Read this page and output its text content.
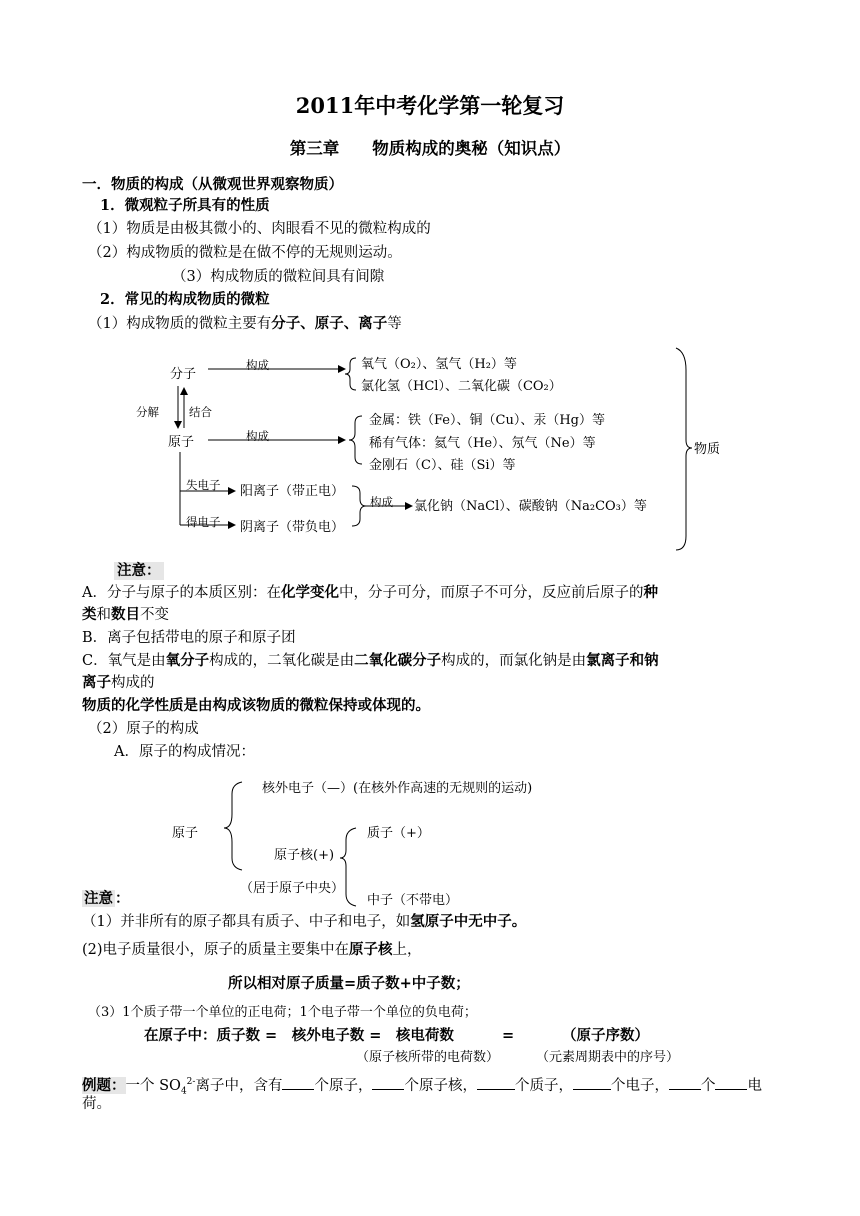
2011年中考化学第一轮复习
第三章　　物质构成的奥秘（知识点）
一．物质的构成（从微观世界观察物质）
1．微观粒子所具有的性质
（1）物质是由极其微小的、肉眼看不见的微粒构成的
（2）构成物质的微粒是在做不停的无规则运动。
（3）构成物质的微粒间具有间隙
2．常见的构成物质的微粒
（1）构成物质的微粒主要有分子、原子、离子等
分子
构成	氧气（O₂）、氢气（H₂）等
氯化氢（HCl）、二氧化碳（CO₂）
分解	结合
原子	构成
金属：铁（Fe）、铜（Cu）、汞（Hg）等
稀有气体：氦气（He）、氖气（Ne）等
金刚石（C）、硅（Si）等
物质
失电子 阳离子（带正电）
得电子 阴离子（带负电）
构成 氯化钠（NaCl）、碳酸钠（Na₂CO₃）等
注意：
A．分子与原子的本质区别：在化学变化中，分子可分，而原子不可分，反应前后原子的种
类和数目不变
B．离子包括带电的原子和原子团
C．氧气是由氧分子构成的，二氧化碳是由二氧化碳分子构成的，而氯化钠是由氯离子和钠
离子构成的
物质的化学性质是由构成该物质的微粒保持或体现的。
（2）原子的构成
A．原子的构成情况：
核外电子（—）(在核外作高速的无规则的运动)
原子	质子（+）
原子核(+)
（居于原子中央）
中子（不带电）
注意 ：
（1）并非所有的原子都具有质子、中子和电子，如氢原子中无中子。
(2)电子质量很小，原子的质量主要集中在原子核上，
所以相对原子质量=质子数+中子数；
（3）1个质子带一个单位的正电荷；1个电子带一个单位的负电荷；
在原子中：质子数 =　核外电子数 =　核电荷数	=	（原子序数）
（原子核所带的电荷数）	（元素周期表中的序号）
例题：一个 $SO_4^{2-}$离子中，含有 个原子， 个原子核，	个质子，	个电子， 个 电
荷。
